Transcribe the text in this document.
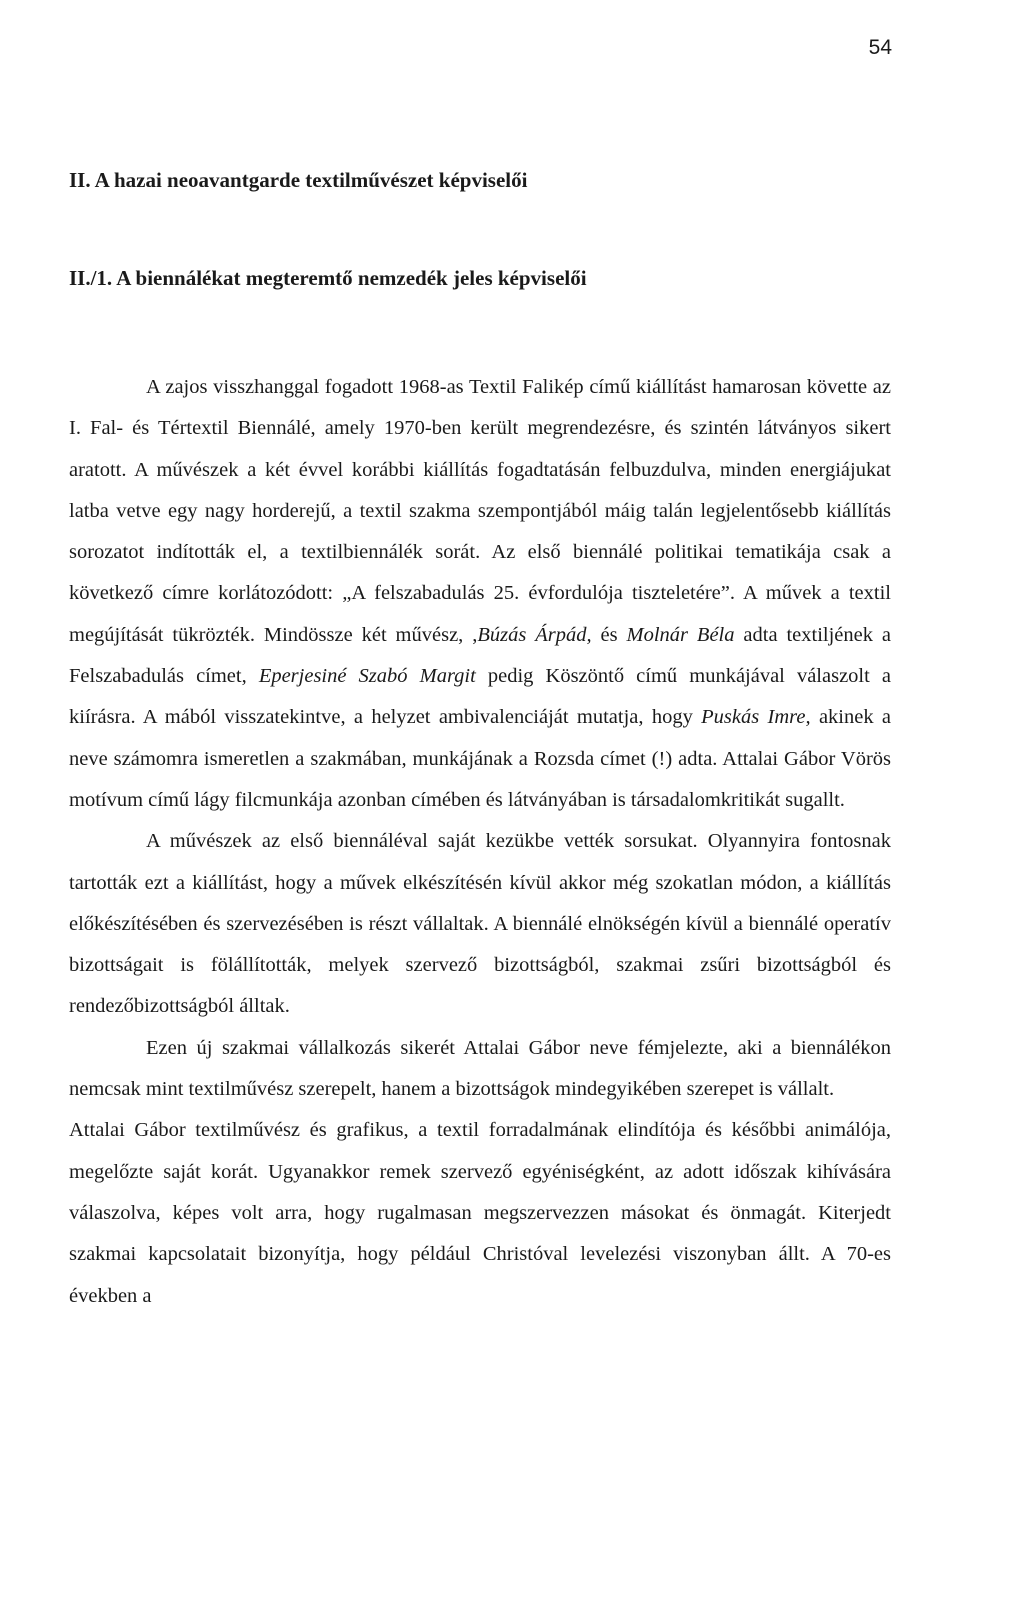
54
II. A hazai neoavantgarde textilművészet képviselői
II./1. A biennálékat megteremtő nemzedék jeles képviselői

A zajos visszhanggal fogadott 1968-as Textil Falikép című kiállítást hamarosan követte az I. Fal- és Tértextil Biennálé, amely 1970-ben került megrendezésre, és szintén látványos sikert aratott. A művészek a két évvel korábbi kiállítás fogadtatásán felbuzdulva, minden energiájukat latba vetve egy nagy horderejű, a textil szakma szempontjából máig talán legjelentősebb kiállítás sorozatot indították el, a textilbiennálék sorát. Az első biennálé politikai tematikája csak a következő címre korlátozódott: „A felszabadulás 25. évfordulója tiszteletére”. A művek a textil megújítását tükrözték. Mindössze két művész, ,Búzás Árpád, és Molnár Béla adta textiljének a Felszabadulás címet, Eperjesiné Szabó Margit pedig Köszöntő című munkájával válaszolt a kiírásra. A mából visszatekintve, a helyzet ambivalenciáját mutatja, hogy Puskás Imre, akinek a neve számomra ismeretlen a szakmában, munkájának a Rozsda címet (!) adta. Attalai Gábor Vörös motívum című lágy filcmunkája azonban címében és látványában is társadalomkritikát sugallt.

A művészek az első biennáléval saját kezükbe vették sorsukat. Olyannyira fontosnak tartották ezt a kiállítást, hogy a művek elkészítésén kívül akkor még szokatlan módon, a kiállítás előkészítésében és szervezésében is részt vállaltak. A biennálé elnökségén kívül a biennálé operatív bizottságait is fölállították, melyek szervező bizottságból, szakmai zsűri bizottságból és rendezőbizottságból álltak.

Ezen új szakmai vállalkozás sikerét Attalai Gábor neve fémjelezte, aki a biennálékon nemcsak mint textilművész szerepelt, hanem a bizottságok mindegyikében szerepet is vállalt.

Attalai Gábor textilművész és grafikus, a textil forradalmának elindítója és későbbi animálója, megelőzte saját korát. Ugyanakkor remek szervező egyéniségként, az adott időszak kihívására válaszolva, képes volt arra, hogy rugalmasan megszervezzen másokat és önmagát. Kiterjedt szakmai kapcsolatait bizonyítja, hogy például Christóval levelezési viszonyban állt. A 70-es években a
